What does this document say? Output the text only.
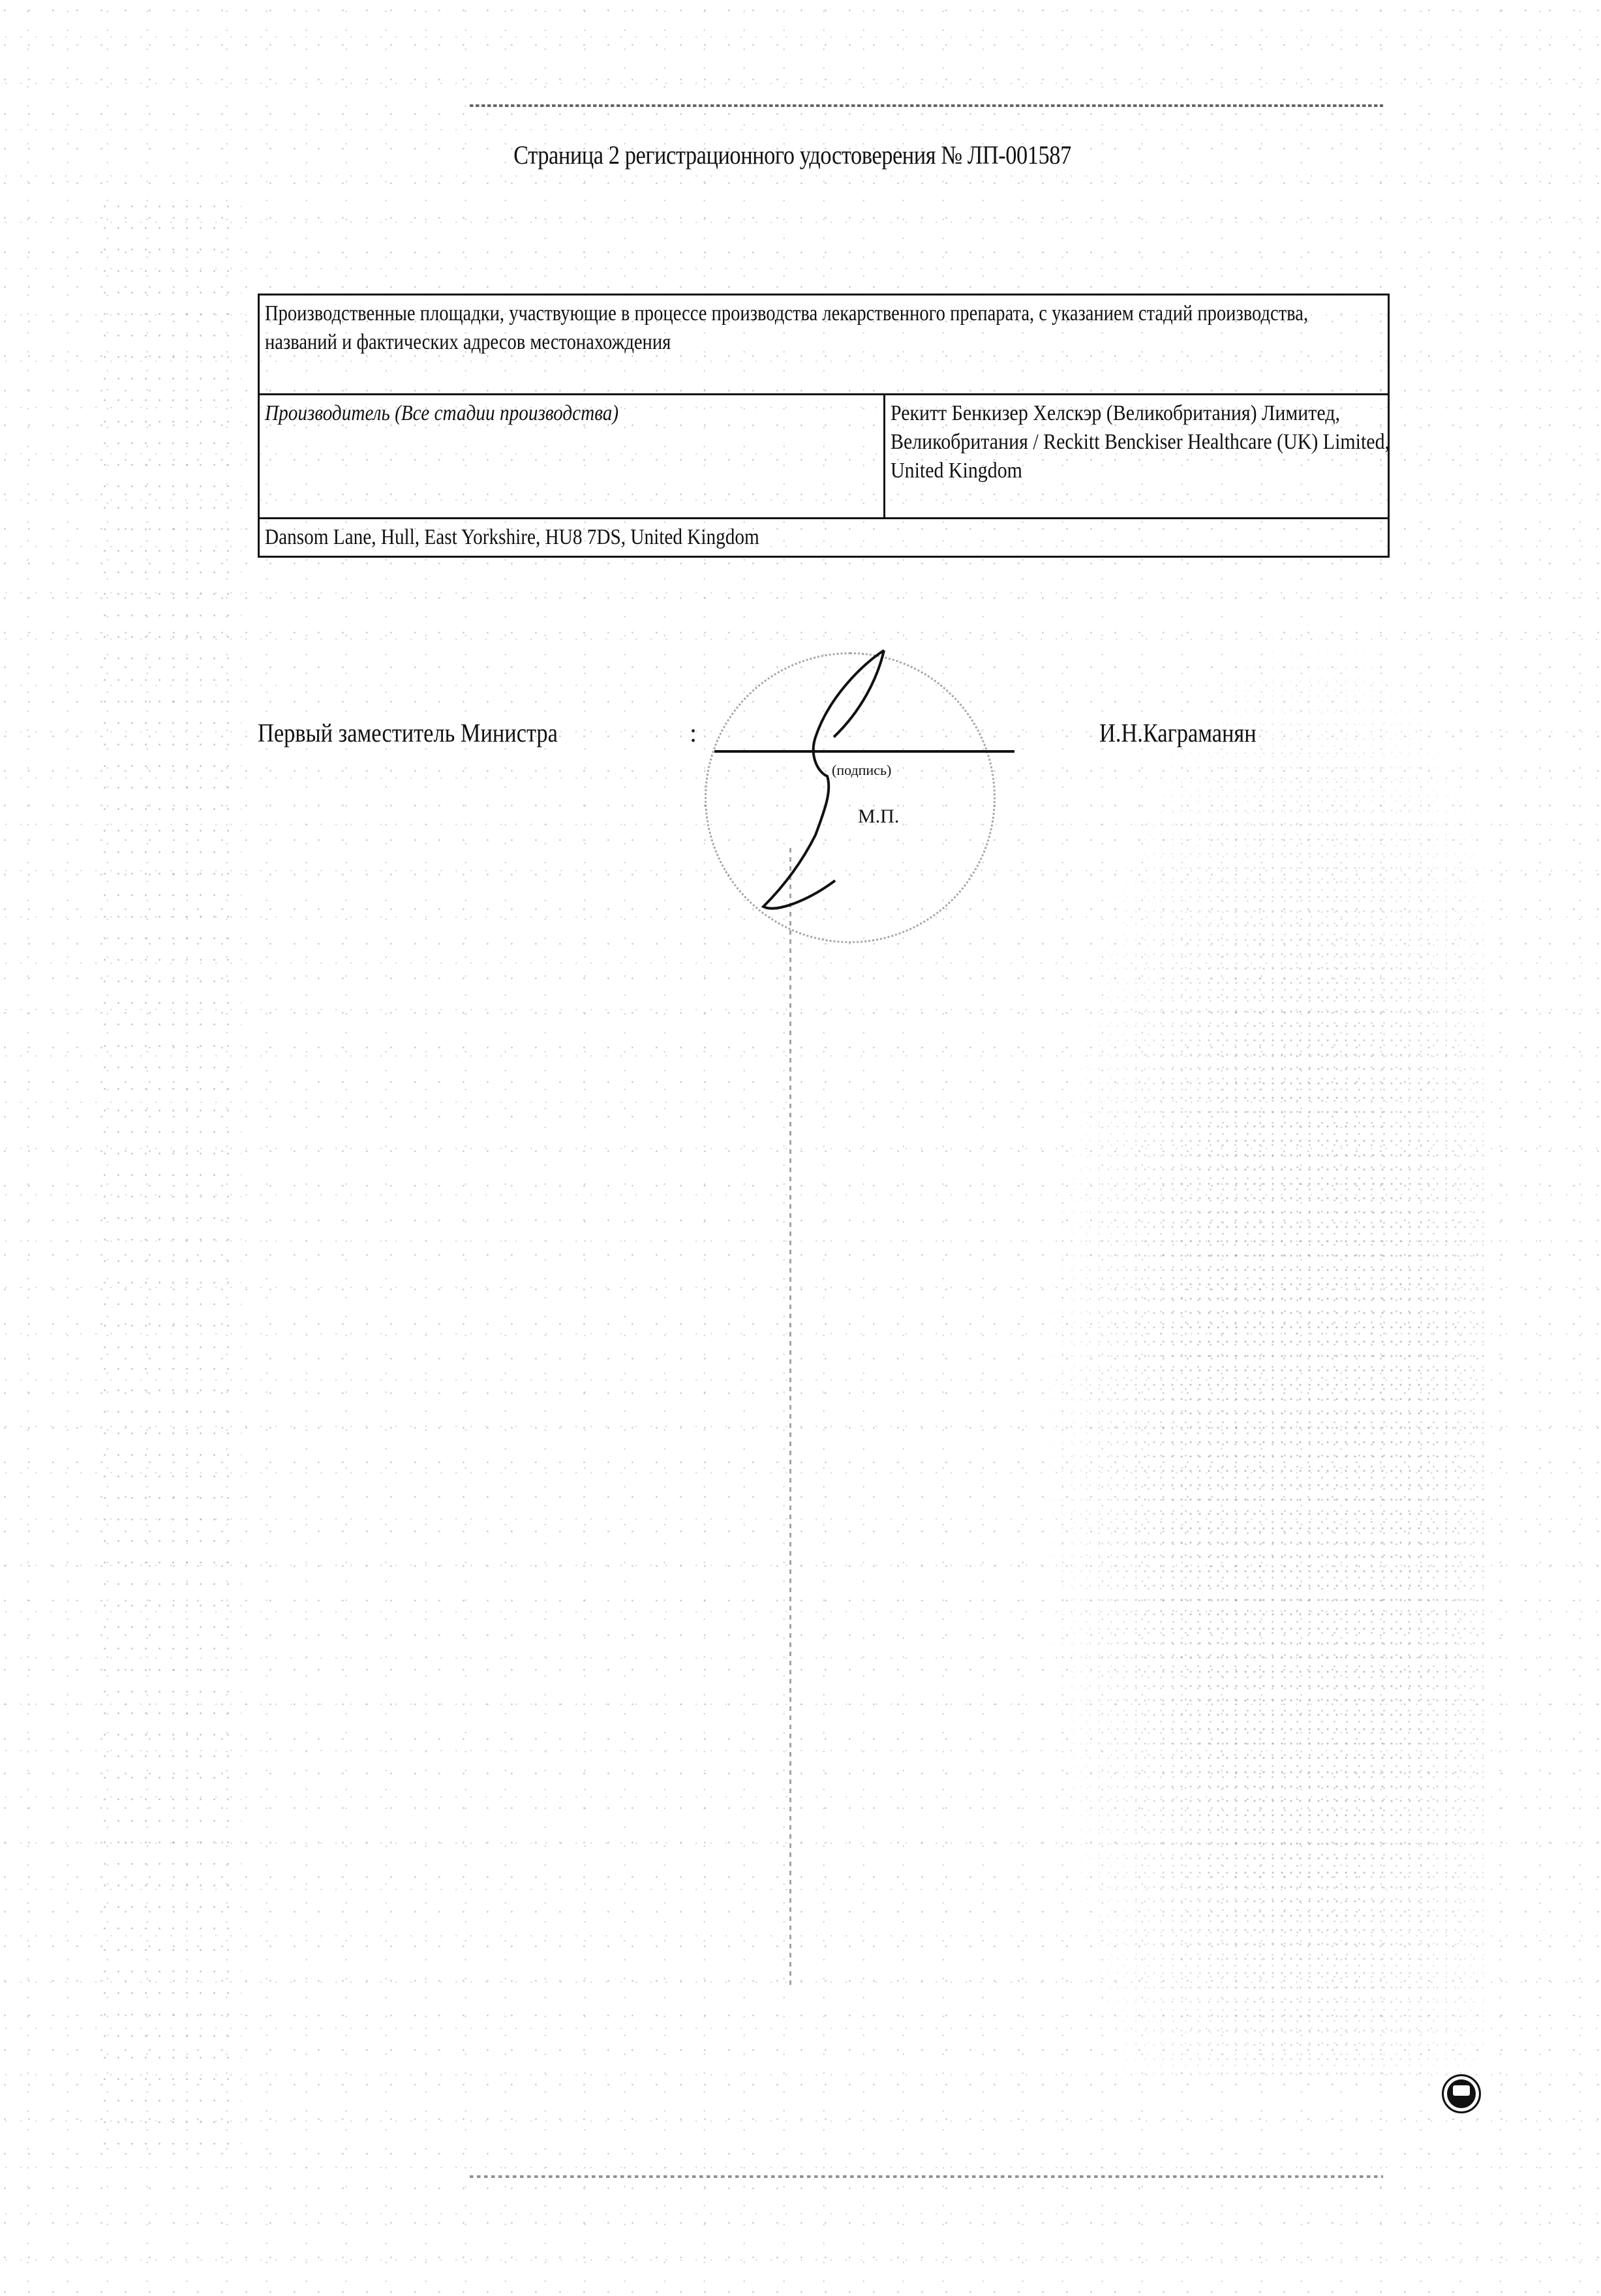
Страница 2 регистрационного удостоверения № ЛП-001587
Производственные площадки, участвующие в процессе производства лекарственного препарата, с указанием стадий производства, названий и фактических адресов местонахождения

Производитель (Все стадии производства)	Рекитт Бенкизер Хелскэр (Великобритания) Лимитед, Великобритания / Reckitt Benckiser Healthcare (UK) Limited, United Kingdom

Dansom Lane, Hull, East Yorkshire, HU8 7DS, United Kingdom
Первый заместитель Министра	:
(подпись)
М.П.
И.Н.Каграманян
